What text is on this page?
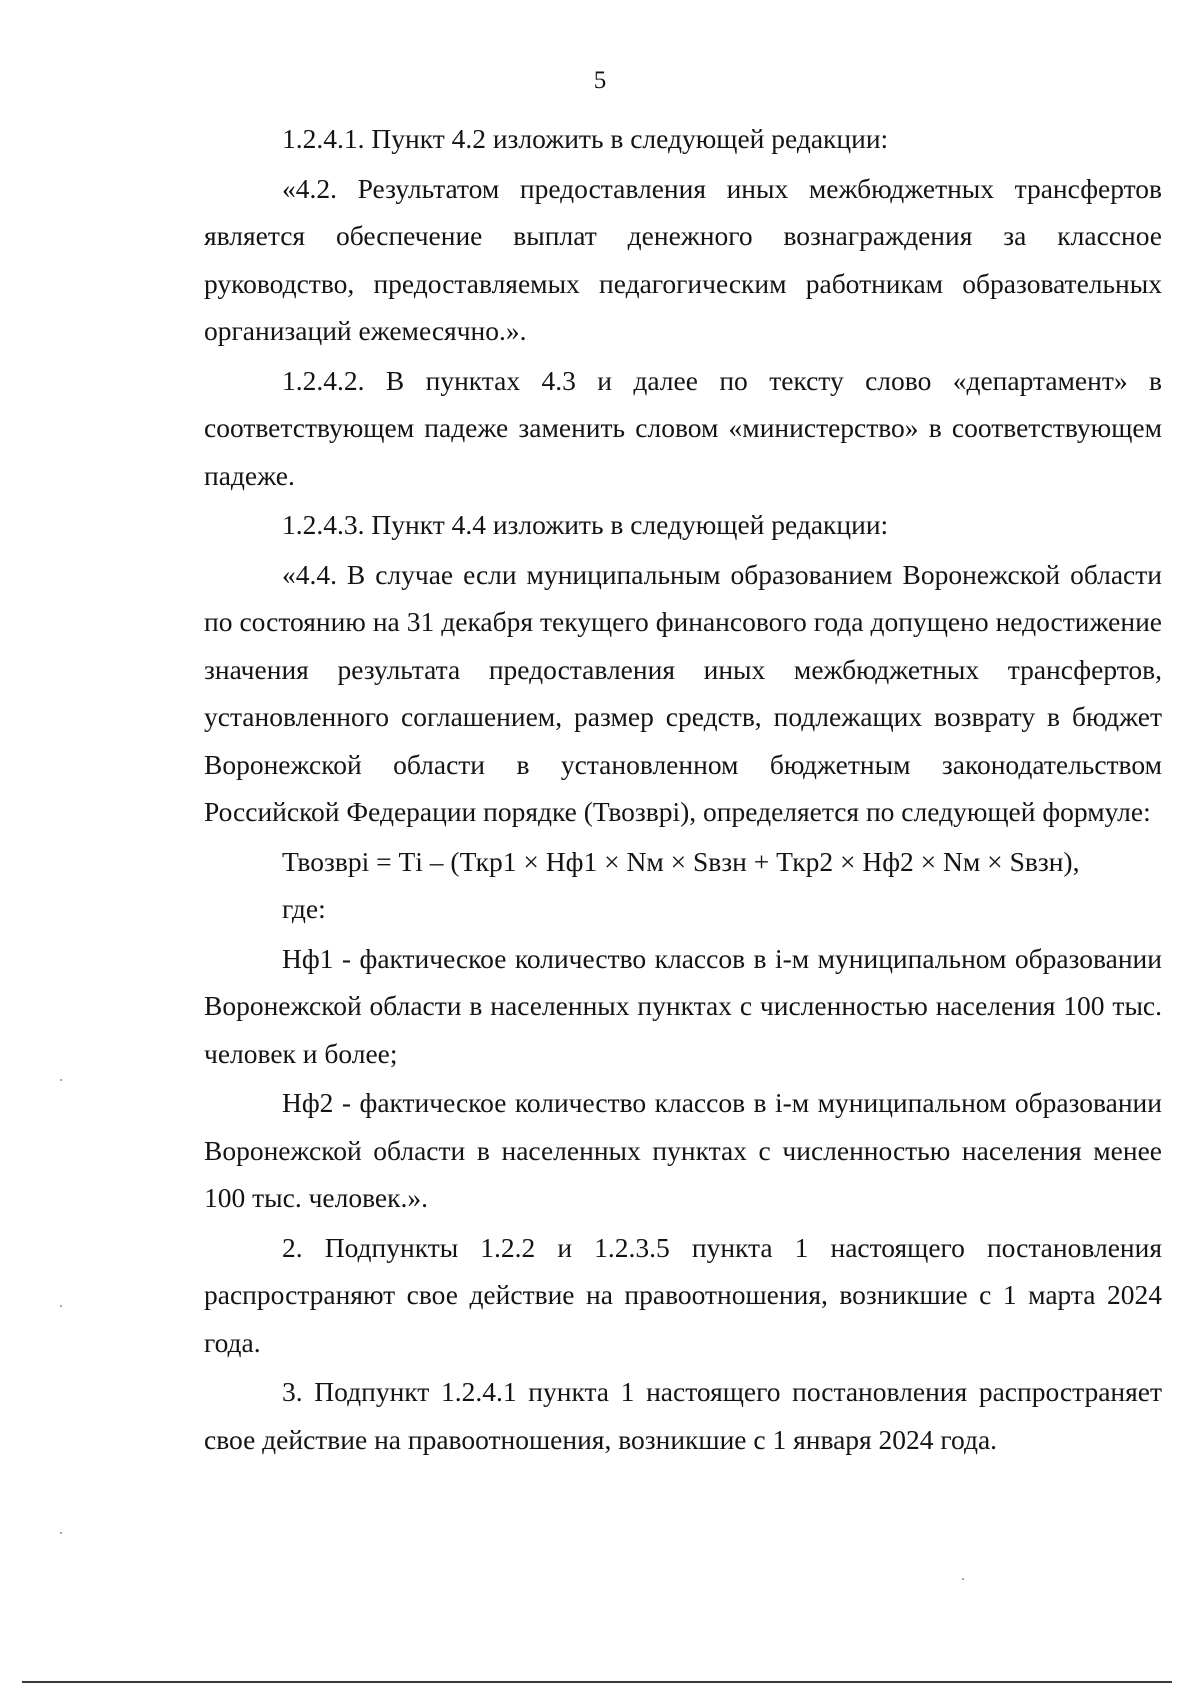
5

1.2.4.1. Пункт 4.2 изложить в следующей редакции:

«4.2. Результатом предоставления иных межбюджетных трансфертов является обеспечение выплат денежного вознаграждения за классное руководство, предоставляемых педагогическим работникам образовательных организаций ежемесячно.».

1.2.4.2. В пунктах 4.3 и далее по тексту слово «департамент» в соответствующем падеже заменить словом «министерство» в соответствующем падеже.

1.2.4.3. Пункт 4.4 изложить в следующей редакции:

«4.4. В случае если муниципальным образованием Воронежской области по состоянию на 31 декабря текущего финансового года допущено недостижение значения результата предоставления иных межбюджетных трансфертов, установленного соглашением, размер средств, подлежащих возврату в бюджет Воронежской области в установленном бюджетным законодательством Российской Федерации порядке (Твозврi), определяется по следующей формуле:

Твозврi = Тi – (Ткр1 × Нф1 × Nм × Sвзн + Ткр2 × Нф2 × Nм × Sвзн),

где:

Нф1 - фактическое количество классов в i-м муниципальном образовании Воронежской области в населенных пунктах с численностью населения 100 тыс. человек и более;

Нф2 - фактическое количество классов в i-м муниципальном образовании Воронежской области в населенных пунктах с численностью населения менее 100 тыс. человек.».

2. Подпункты 1.2.2 и 1.2.3.5 пункта 1 настоящего постановления распространяют свое действие на правоотношения, возникшие с 1 марта 2024 года.

3. Подпункт 1.2.4.1 пункта 1 настоящего постановления распространяет свое действие на правоотношения, возникшие с 1 января 2024 года.
